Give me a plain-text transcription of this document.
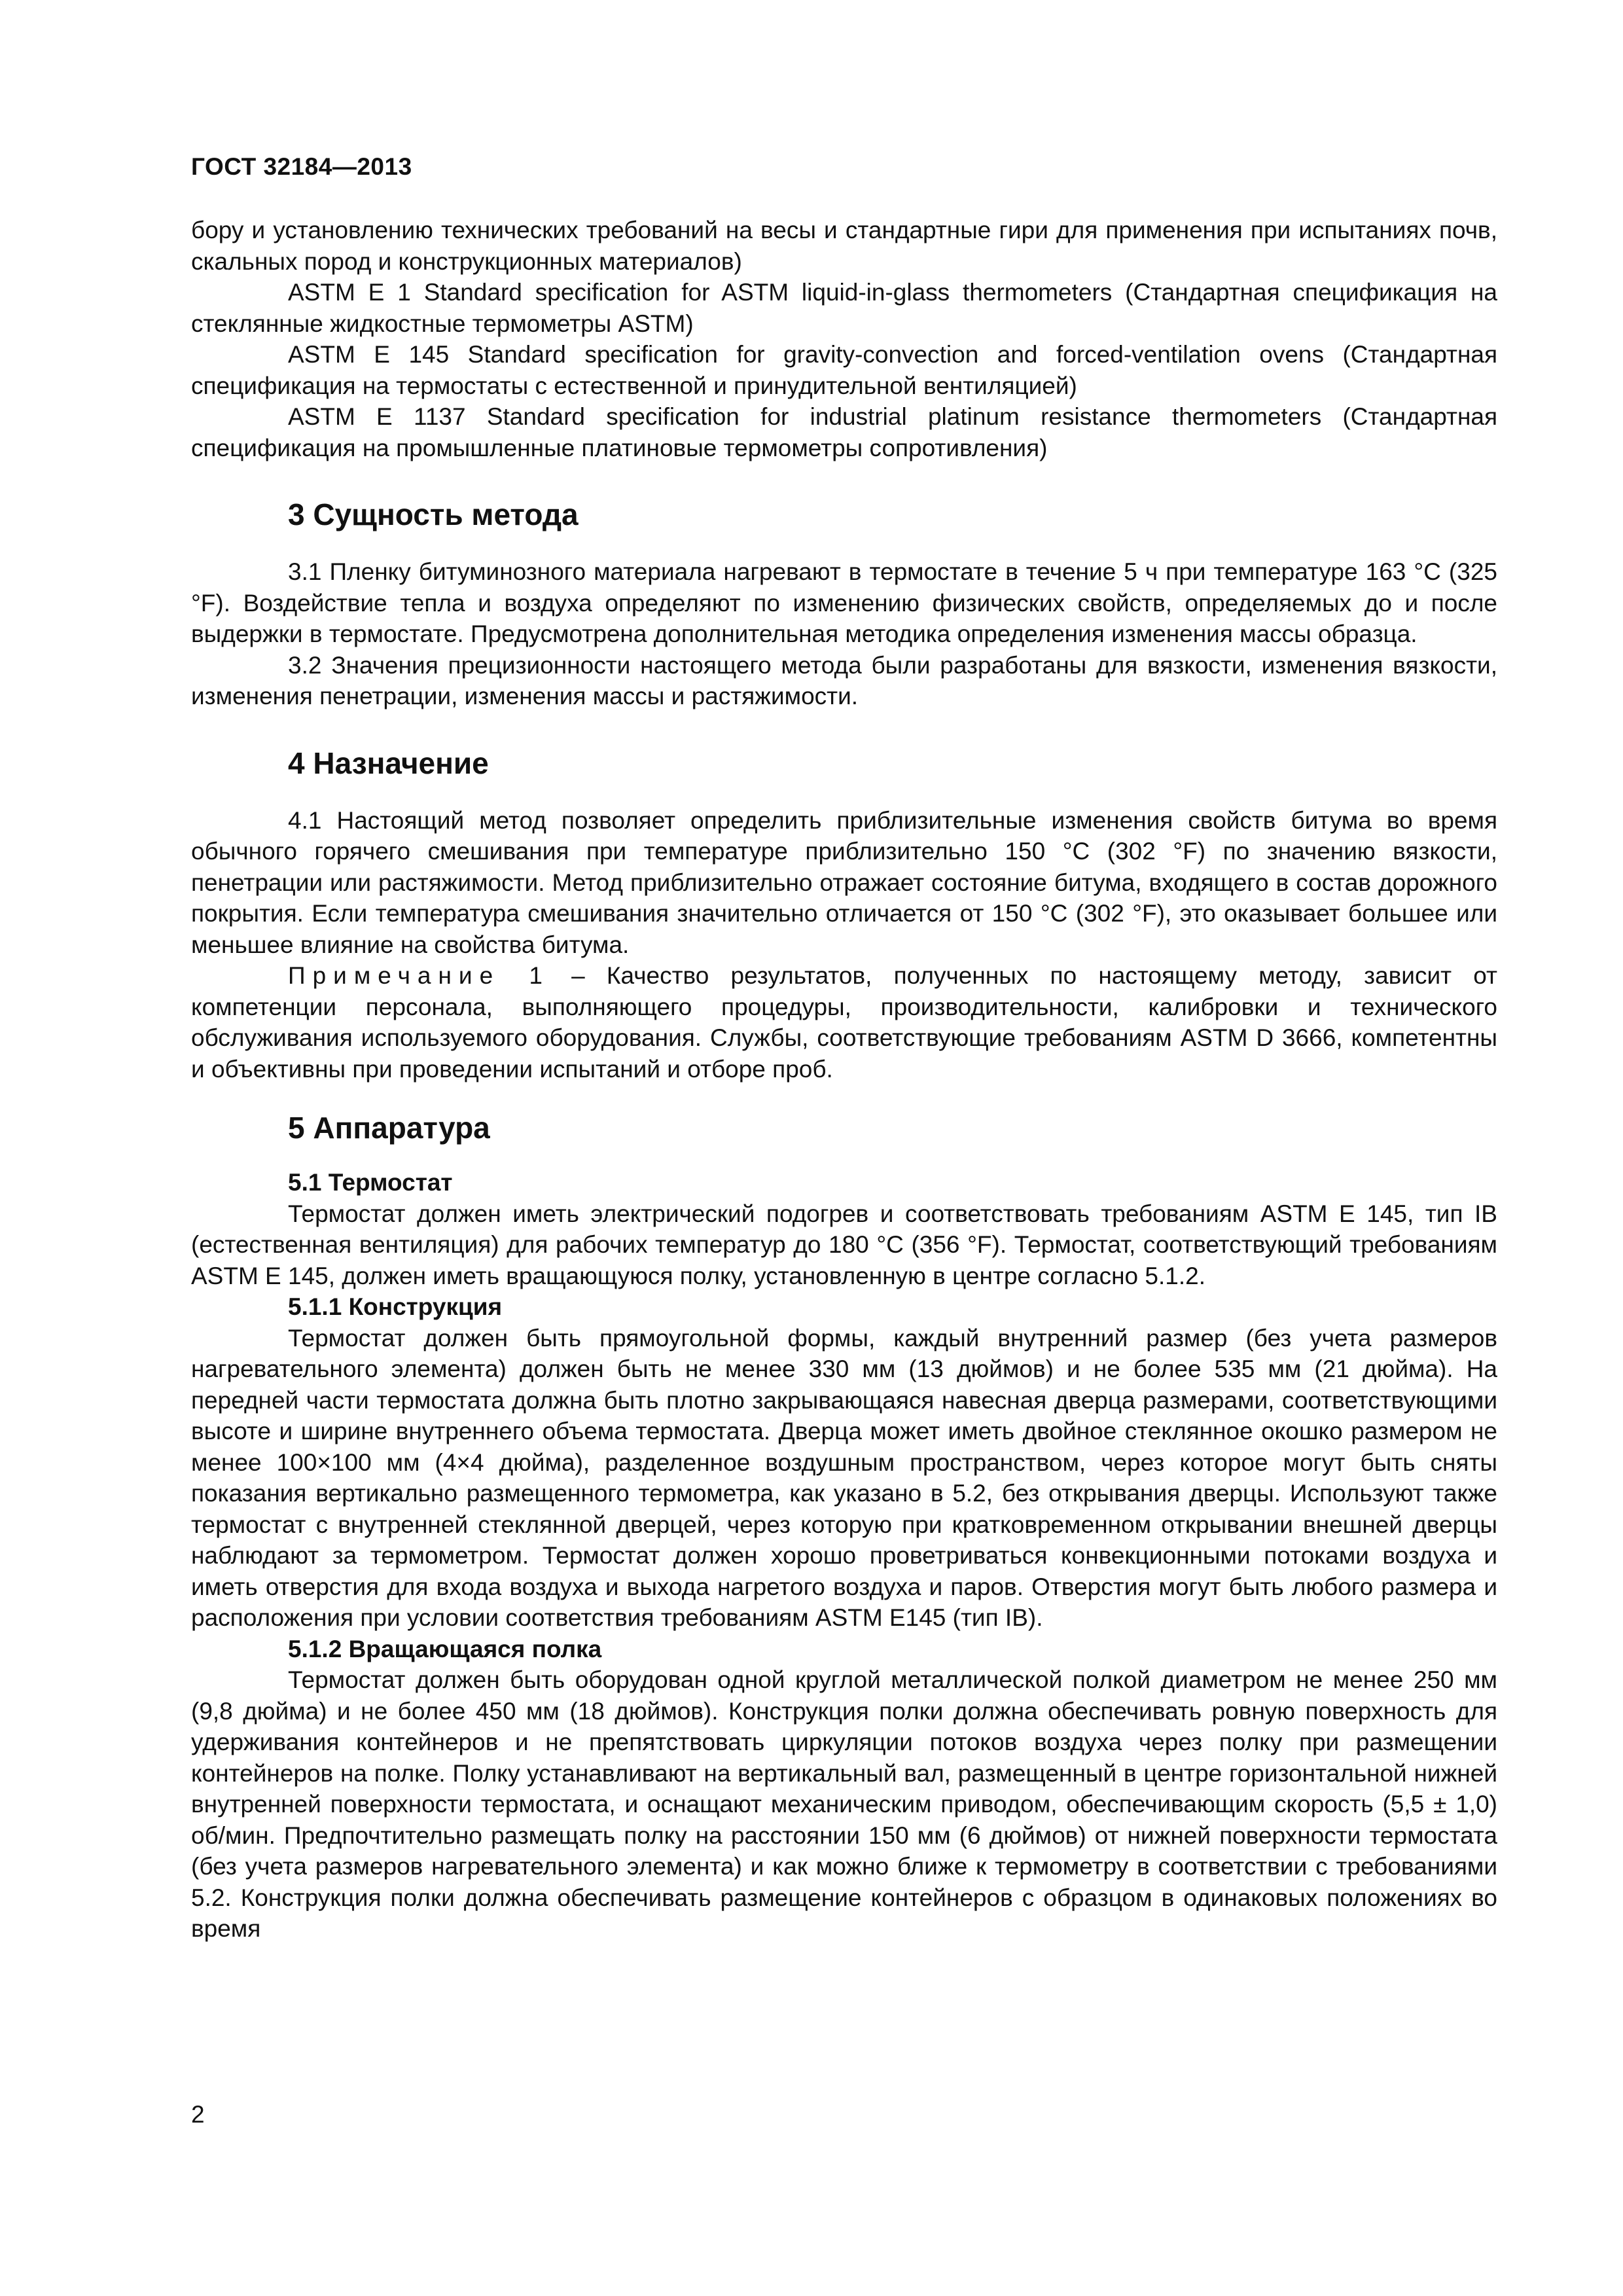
ГОСТ 32184—2013

бору и установлению технических требований на весы и стандартные гири для применения при испытаниях почв, скальных пород и конструкционных материалов)

ASTM E 1 Standard specification for ASTM liquid-in-glass thermometers (Стандартная спецификация на стеклянные жидкостные термометры ASTM)

ASTM E 145 Standard specification for gravity-convection and forced-ventilation ovens (Стандартная спецификация на термостаты с естественной и принудительной вентиляцией)

ASTM E 1137 Standard specification for industrial platinum resistance thermometers (Стандартная спецификация на промышленные платиновые термометры сопротивления)

3 Сущность метода

3.1 Пленку битуминозного материала нагревают в термостате в течение 5 ч при температуре 163 °С (325 °F). Воздействие тепла и воздуха определяют по изменению физических свойств, определяемых до и после выдержки в термостате. Предусмотрена дополнительная методика определения изменения массы образца.

3.2 Значения прецизионности настоящего метода были разработаны для вязкости, изменения вязкости, изменения пенетрации, изменения массы и растяжимости.

4 Назначение

4.1 Настоящий метод позволяет определить приблизительные изменения свойств битума во время обычного горячего смешивания при температуре приблизительно 150 °С (302 °F) по значению вязкости, пенетрации или растяжимости. Метод приблизительно отражает состояние битума, входящего в состав дорожного покрытия. Если температура смешивания значительно отличается от 150 °С (302 °F), это оказывает большее или меньшее влияние на свойства битума.

Примечание 1 – Качество результатов, полученных по настоящему методу, зависит от компетенции персонала, выполняющего процедуры, производительности, калибровки и технического обслуживания используемого оборудования. Службы, соответствующие требованиям ASTM D 3666, компетентны и объективны при проведении испытаний и отборе проб.

5 Аппаратура
5.1 Термостат

Термостат должен иметь электрический подогрев и соответствовать требованиям ASTM E 145, тип IB (естественная вентиляция) для рабочих температур до 180 °С (356 °F). Термостат, соответствующий требованиям ASTM E 145, должен иметь вращающуюся полку, установленную в центре согласно 5.1.2.

5.1.1 Конструкция

Термостат должен быть прямоугольной формы, каждый внутренний размер (без учета размеров нагревательного элемента) должен быть не менее 330 мм (13 дюймов) и не более 535 мм (21 дюйма). На передней части термостата должна быть плотно закрывающаяся навесная дверца размерами, соответствующими высоте и ширине внутреннего объема термостата. Дверца может иметь двойное стеклянное окошко размером не менее 100×100 мм (4×4 дюйма), разделенное воздушным пространством, через которое могут быть сняты показания вертикально размещенного термометра, как указано в 5.2, без открывания дверцы. Используют также термостат с внутренней стеклянной дверцей, через которую при кратковременном открывании внешней дверцы наблюдают за термометром. Термостат должен хорошо проветриваться конвекционными потоками воздуха и иметь отверстия для входа воздуха и выхода нагретого воздуха и паров. Отверстия могут быть любого размера и расположения при условии соответствия требованиям ASTM E145 (тип IB).

5.1.2 Вращающаяся полка

Термостат должен быть оборудован одной круглой металлической полкой диаметром не менее 250 мм (9,8 дюйма) и не более 450 мм (18 дюймов). Конструкция полки должна обеспечивать ровную поверхность для удерживания контейнеров и не препятствовать циркуляции потоков воздуха через полку при размещении контейнеров на полке. Полку устанавливают на вертикальный вал, размещенный в центре горизонтальной нижней внутренней поверхности термостата, и оснащают механическим приводом, обеспечивающим скорость (5,5 ± 1,0) об/мин. Предпочтительно размещать полку на расстоянии 150 мм (6 дюймов) от нижней поверхности термостата (без учета размеров нагревательного элемента) и как можно ближе к термометру в соответствии с требованиями 5.2. Конструкция полки должна обеспечивать размещение контейнеров с образцом в одинаковых положениях во время

2
